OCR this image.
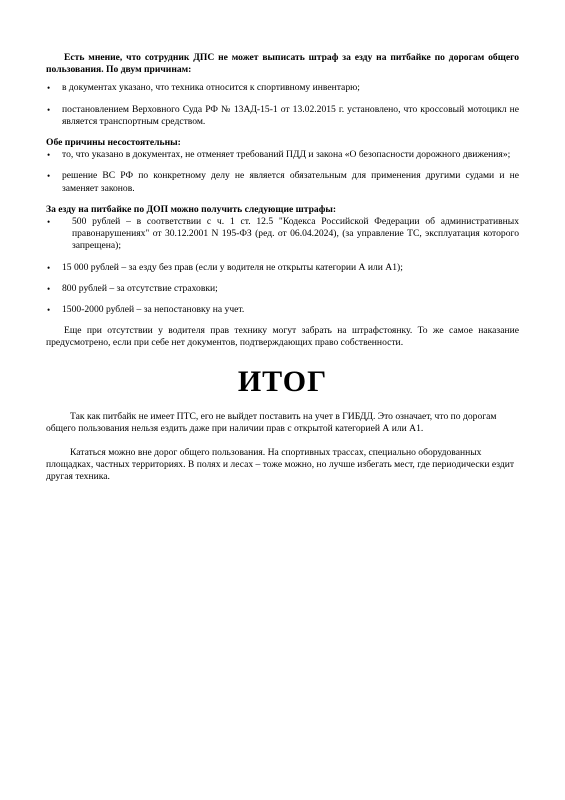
Есть мнение, что сотрудник ДПС не может выписать штраф за езду на питбайке по дорогам общего пользования. По двум причинам:

• в документах указано, что техника относится к спортивному инвентарю;
• постановлением Верховного Суда РФ № 13АД-15-1 от 13.02.2015 г. установлено, что кроссовый мотоцикл не является транспортным средством.

Обе причины несостоятельны:

• то, что указано в документах, не отменяет требований ПДД и закона «О безопасности дорожного движения»;
• решение ВС РФ по конкретному делу не является обязательным для применения другими судами и не заменяет законов.

За езду на питбайке по ДОП можно получить следующие штрафы:

• 500 рублей – в соответствии с ч. 1 ст. 12.5 "Кодекса Российской Федерации об административных правонарушениях" от 30.12.2001 N 195-ФЗ (ред. от 06.04.2024), (за управление ТС, эксплуатация которого запрещена);
• 15 000 рублей – за езду без прав (если у водителя не открыты категории А или А1);
• 800 рублей – за отсутствие страховки;
• 1500-2000 рублей – за непостановку на учет.

Еще при отсутствии у водителя прав технику могут забрать на штрафстоянку. То же самое наказание предусмотрено, если при себе нет документов, подтверждающих право собственности.

ИТОГ

Так как питбайк не имеет ПТС, его не выйдет поставить на учет в ГИБДД. Это означает, что по дорогам общего пользования нельзя ездить даже при наличии прав с открытой категорией А или А1.

Кататься можно вне дорог общего пользования. На спортивных трассах, специально оборудованных площадках, частных территориях. В полях и лесах – тоже можно, но лучше избегать мест, где периодически ездит другая техника.
